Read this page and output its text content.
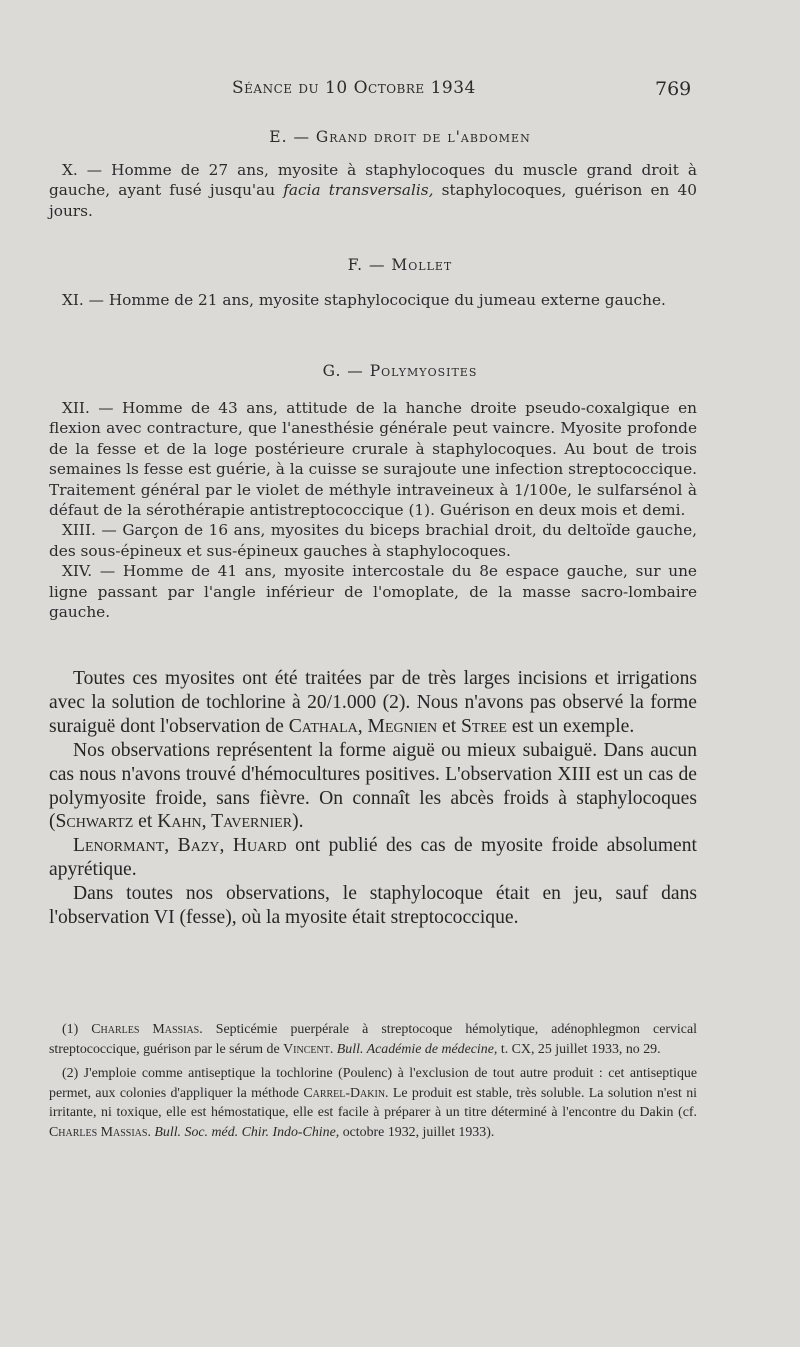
Séance du 10 Octobre 1934	769
E. — Grand droit de l'abdomen

X. — Homme de 27 ans, myosite à staphylocoques du muscle grand droit à gauche, ayant fusé jusqu'au facia transversalis, staphylocoques, guérison en 40 jours.

F. — Mollet

XI. — Homme de 21 ans, myosite staphylococique du jumeau externe gauche.

G. — Polymyosites

XII. — Homme de 43 ans, attitude de la hanche droite pseudo-coxalgique en flexion avec contracture, que l'anesthésie générale peut vaincre. Myosite profonde de la fesse et de la loge postérieure crurale à staphylocoques. Au bout de trois semaines ls fesse est guérie, à la cuisse se surajoute une infection streptococcique. Traitement général par le violet de méthyle intraveineux à 1/100e, le sulfarsénol à défaut de la sérothérapie antistreptococcique (1). Guérison en deux mois et demi.

XIII. — Garçon de 16 ans, myosites du biceps brachial droit, du deltoïde gauche, des sous-épineux et sus-épineux gauches à staphylocoques.

XIV. — Homme de 41 ans, myosite intercostale du 8e espace gauche, sur une ligne passant par l'angle inférieur de l'omoplate, de la masse sacro-lombaire gauche.

Toutes ces myosites ont été traitées par de très larges incisions et irrigations avec la solution de tochlorine à 20/1.000 (2). Nous n'avons pas observé la forme suraiguë dont l'observation de Cathala, Megnien et Stree est un exemple.

Nos observations représentent la forme aiguë ou mieux subaiguë. Dans aucun cas nous n'avons trouvé d'hémocultures positives. L'observation XIII est un cas de polymyosite froide, sans fièvre. On connaît les abcès froids à staphylocoques (Schwartz et Kahn, Tavernier).

Lenormant, Bazy, Huard ont publié des cas de myosite froide absolument apyrétique.

Dans toutes nos observations, le staphylocoque était en jeu, sauf dans l'observation VI (fesse), où la myosite était streptococcique.

(1) Charles Massias. Septicémie puerpérale à streptocoque hémolytique, adénophlegmon cervical streptococcique, guérison par le sérum de Vincent. Bull. Académie de médecine, t. CX, 25 juillet 1933, no 29.

(2) J'emploie comme antiseptique la tochlorine (Poulenc) à l'exclusion de tout autre produit : cet antiseptique permet, aux colonies d'appliquer la méthode Carrel-Dakin. Le produit est stable, très soluble. La solution n'est ni irritante, ni toxique, elle est hémostatique, elle est facile à préparer à un titre déterminé à l'encontre du Dakin (cf. Charles Massias. Bull. Soc. méd. Chir. Indo-Chine, octobre 1932, juillet 1933).
